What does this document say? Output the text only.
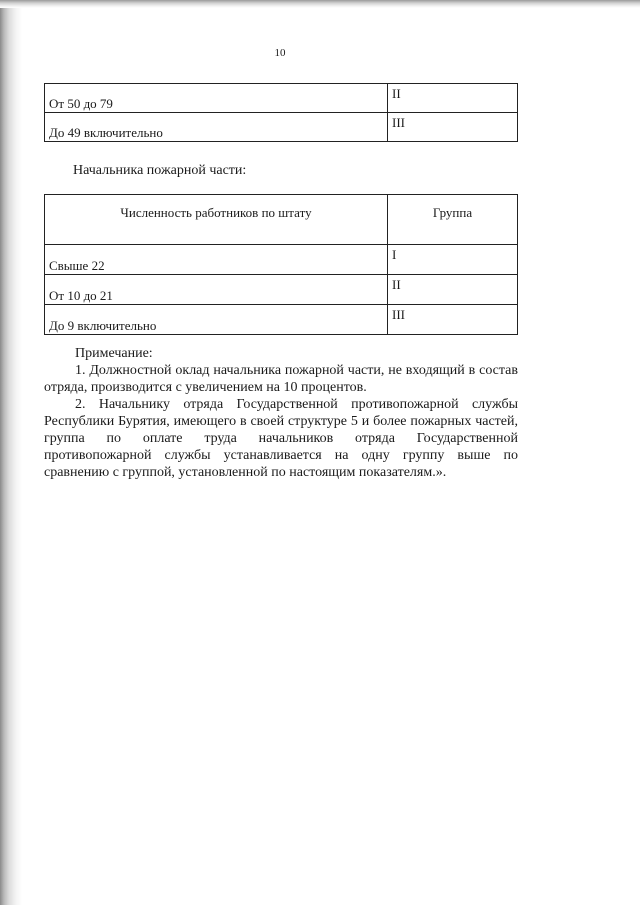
10
От 50 до 79	II
До 49 включительно	III
Начальника пожарной части:
Численность работников по штату	Группа
Свыше 22	I
От 10 до 21	II
До 9 включительно	III

Примечание:

1. Должностной оклад начальника пожарной части, не входящий в состав отряда, производится с увеличением на 10 процентов.

2. Начальнику отряда Государственной противопожарной службы Республики Бурятия, имеющего в своей структуре 5 и более пожарных частей, группа по оплате труда начальников отряда Государственной противопожарной службы устанавливается на одну группу выше по сравнению с группой, установленной по настоящим показателям.».
